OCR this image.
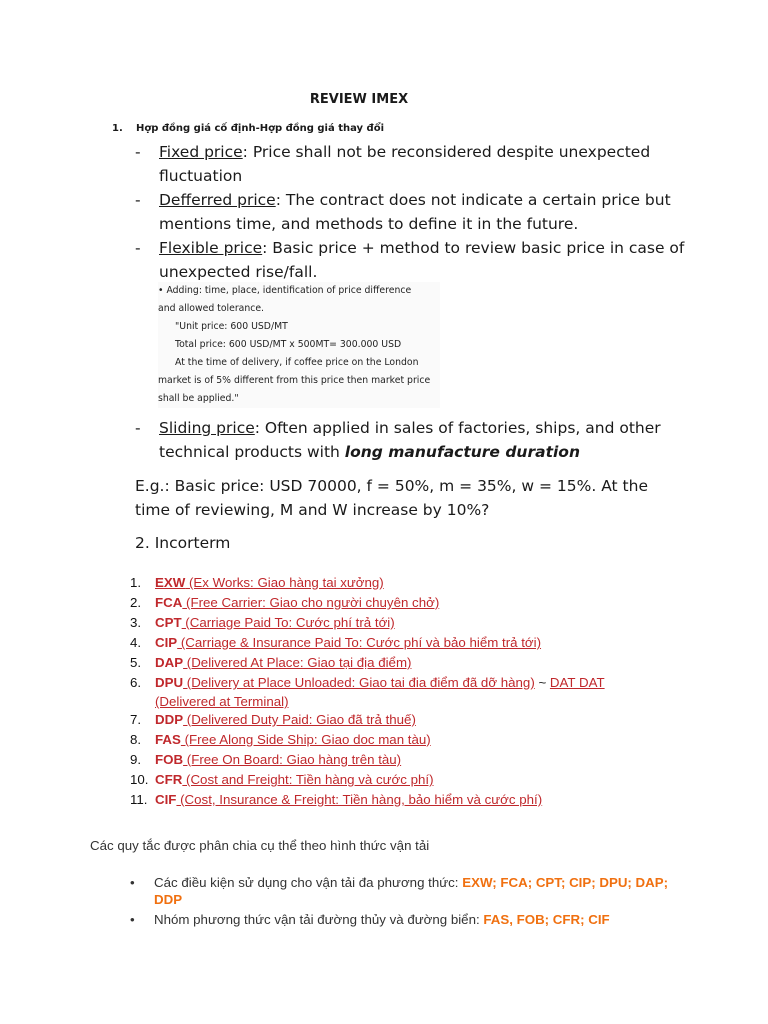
REVIEW IMEX
1. Hợp đồng giá cố định-Hợp đồng giá thay đổi
- Fixed price: Price shall not be reconsidered despite unexpected
fluctuation
- Defferred price: The contract does not indicate a certain price but
mentions time, and methods to define it in the future.
- Flexible price: Basic price + method to review basic price in case of
unexpected rise/fall.
• Adding: time, place, identification of price difference
and allowed tolerance.
"Unit price: 600 USD/MT
Total price: 600 USD/MT x 500MT= 300.000 USD
At the time of delivery, if coffee price on the London
market is of 5% different from this price then market price
shall be applied."
- Sliding price: Often applied in sales of factories, ships, and other
technical products with long manufacture duration
E.g.: Basic price: USD 70000, f = 50%, m = 35%, w = 15%. At the time of reviewing, M and W increase by 10%?
2. Incorterm
1.	EXW (Ex Works: Giao hàng tai xưởng)
2.	FCA (Free Carrier: Giao cho người chuyên chở)
3.	CPT (Carriage Paid To: Cước phí trả tới)
4.	CIP (Carriage & Insurance Paid To: Cước phí và bảo hiểm trả tới)
5.	DAP (Delivered At Place: Giao tại địa điểm)
6.	DPU (Delivery at Place Unloaded: Giao tai đia điểm đã dỡ hàng) ~ DAT DAT
(Delivered at Terminal)
7.	DDP (Delivered Duty Paid: Giao đã trả thuế)
8.	FAS (Free Along Side Ship: Giao doc man tàu)
9.	FOB (Free On Board: Giao hàng trên tàu)
10. CFR (Cost and Freight: Tiền hàng và cước phí)
11. CIF (Cost, Insurance & Freight: Tiền hàng, bảo hiểm và cước phí)
Các quy tắc được phân chia cụ thể theo hình thức vận tải
• Các điều kiện sử dụng cho vận tải đa phương thức: EXW; FCA; CPT; CIP; DPU; DAP; DDP
• Nhóm phương thức vận tải đường thủy và đường biển: FAS, FOB; CFR; CIF
